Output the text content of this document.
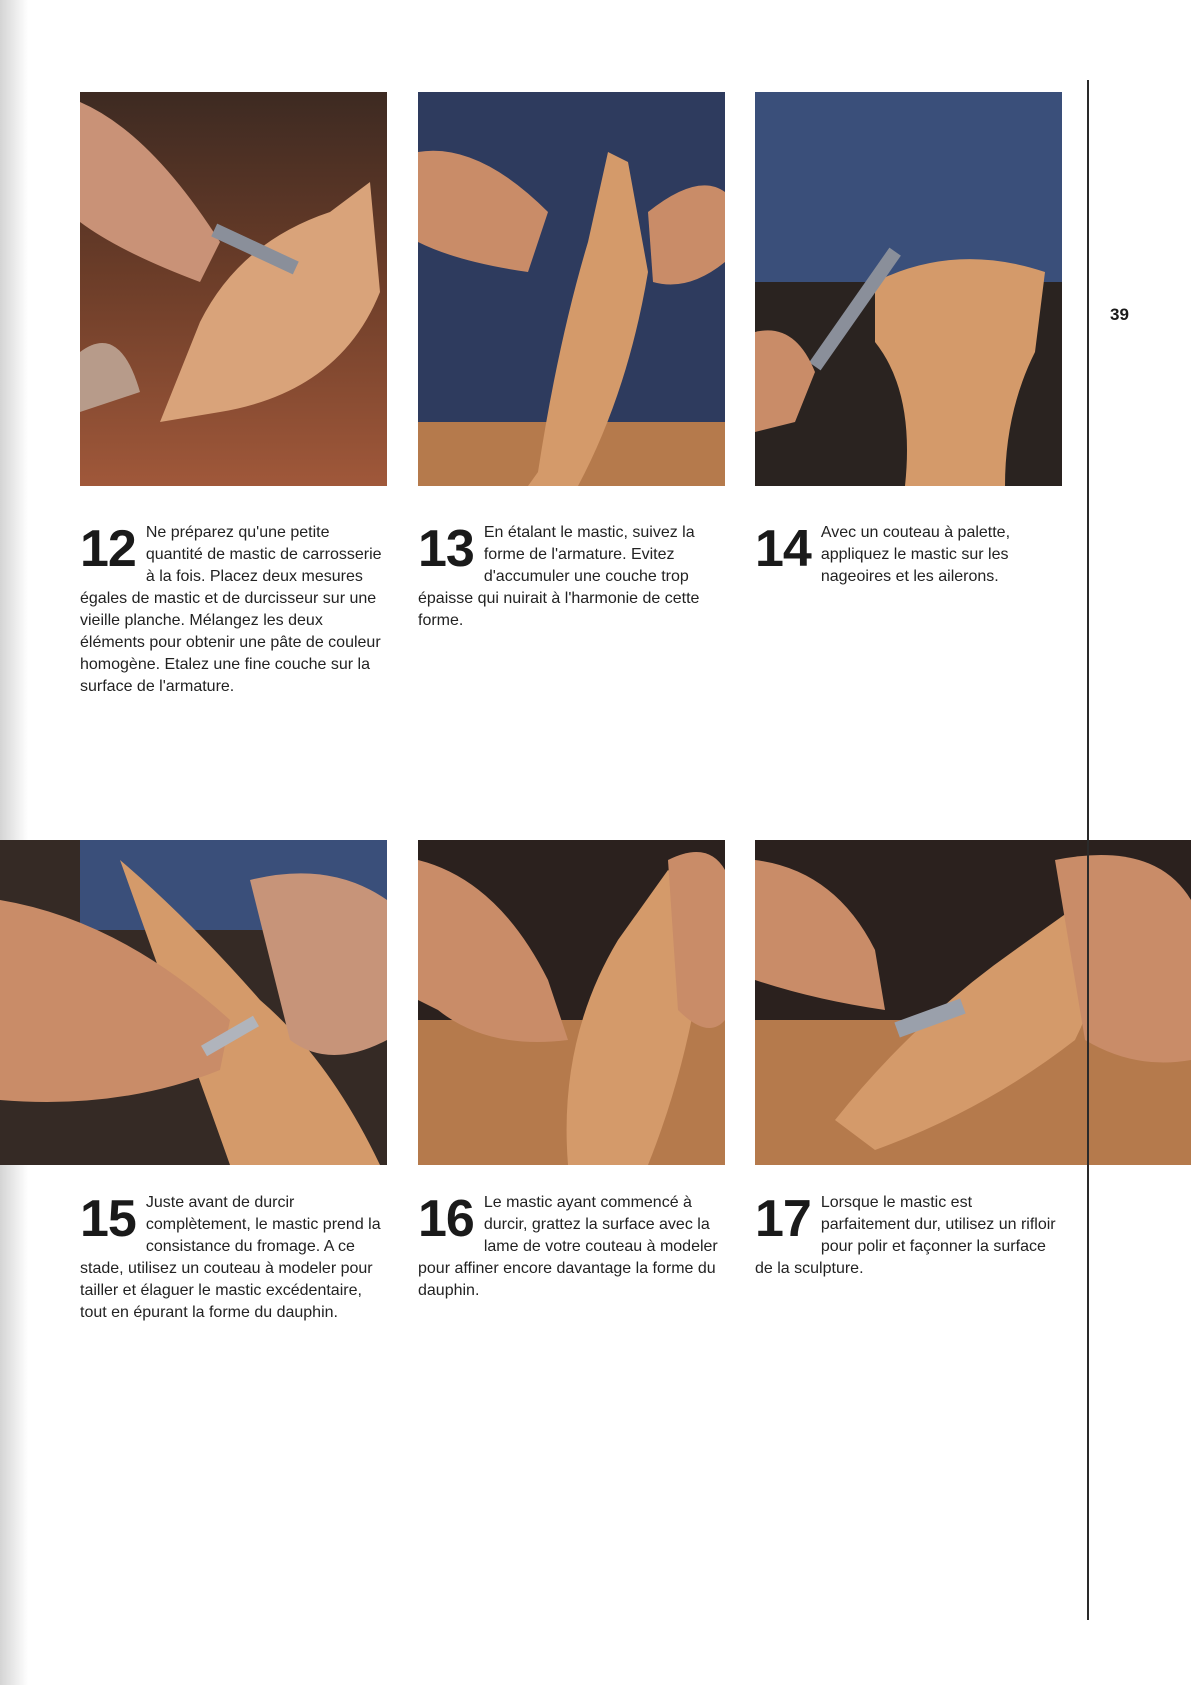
12 Ne préparez qu'une petite quantité de mastic de carrosserie à la fois. Placez deux mesures égales de mastic et de durcisseur sur une vieille planche. Mélangez les deux éléments pour obtenir une pâte de couleur homogène. Etalez une fine couche sur la surface de l'armature.
13 En étalant le mastic, suivez la forme de l'armature. Evitez d'accumuler une couche trop épaisse qui nuirait à l'harmonie de cette forme.
14 Avec un couteau à palette, appliquez le mastic sur les nageoires et les ailerons.
15 Juste avant de durcir complètement, le mastic prend la consistance du fromage. A ce stade, utilisez un couteau à modeler pour tailler et élaguer le mastic excédentaire, tout en épurant la forme du dauphin.
16 Le mastic ayant commencé à durcir, grattez la surface avec la lame de votre couteau à modeler pour affiner encore davantage la forme du dauphin.
17 Lorsque le mastic est parfaitement dur, utilisez un rifloir pour polir et façonner la surface de la sculpture.
39
